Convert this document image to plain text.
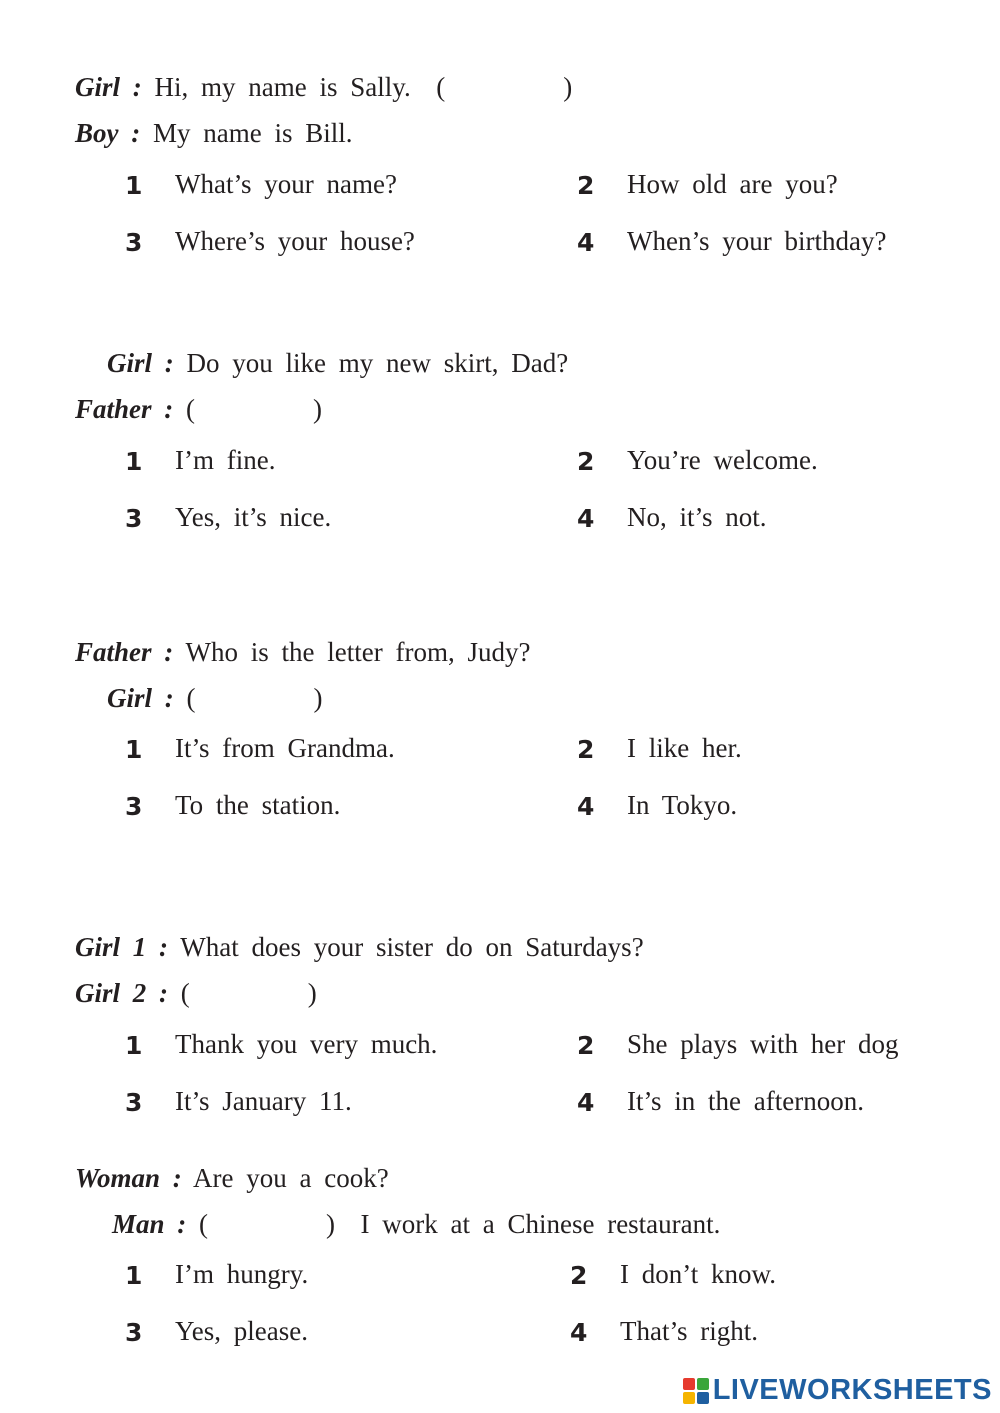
Girl : Hi, my name is Sally. (	)
Boy : My name is Bill.
1 What’s your name?	2 How old are you?
3 Where’s your house?	4 When’s your birthday?
Girl : Do you like my new skirt, Dad?
Father : (	)
1 I’m fine.	2 You’re welcome.
3 Yes, it’s nice.	4 No, it’s not.
Father : Who is the letter from, Judy?
Girl : (	)
1 It’s from Grandma.	2 I like her.
3 To the station.	4 In Tokyo.
Girl 1 : What does your sister do on Saturdays?
Girl 2 : (	)
1 Thank you very much.	2 She plays with her dog
3 It’s January 11.	4 It’s in the afternoon.
Woman : Are you a cook?
Man : (	) I work at a Chinese restaurant.
1 I’m hungry.	2 I don’t know.
3 Yes, please.	4 That’s right.
LIVEWORKSHEETS
